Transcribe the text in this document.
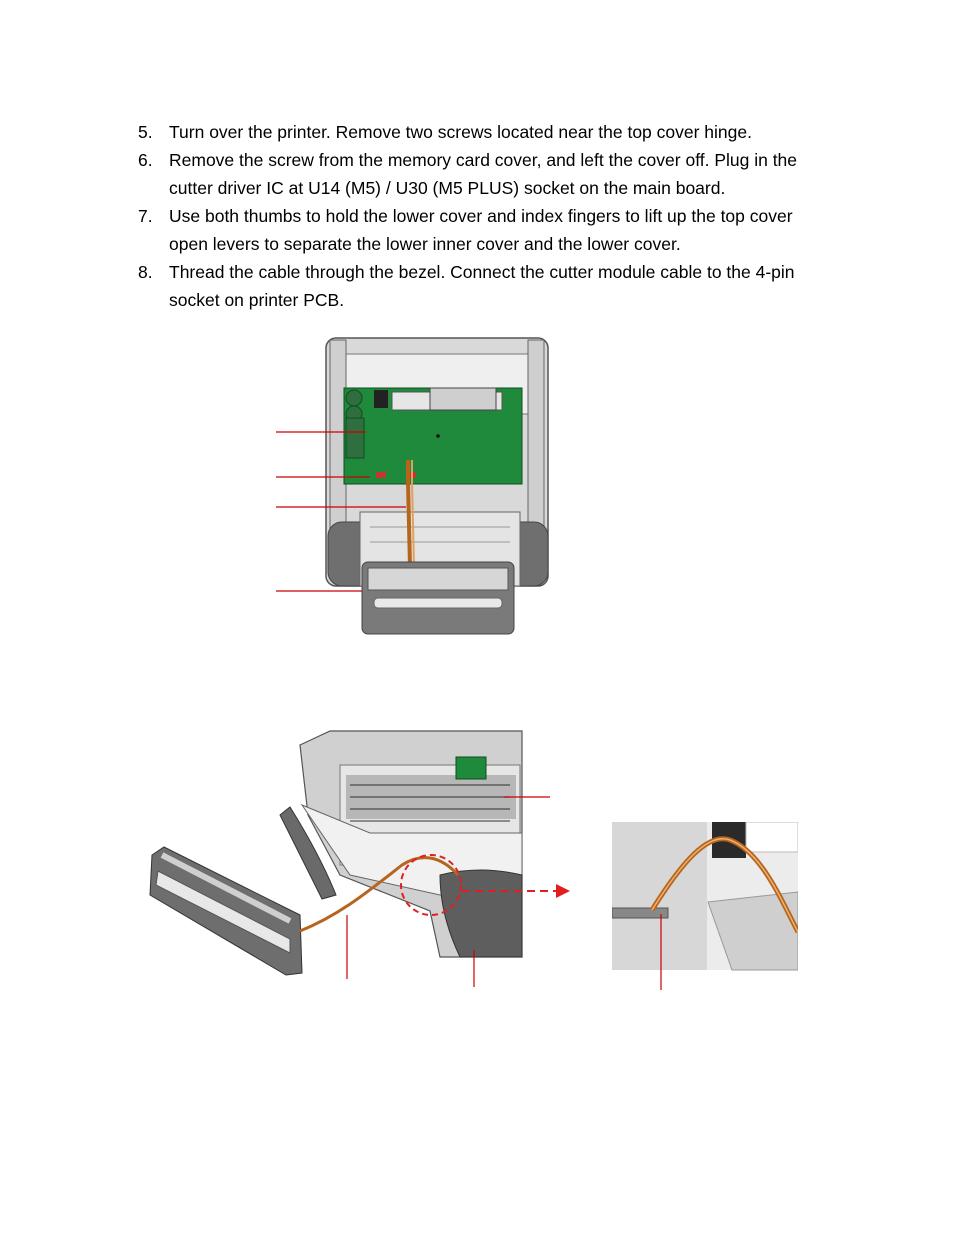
5. Turn over the printer. Remove two screws located near the top cover hinge.
6. Remove the screw from the memory card cover, and left the cover off. Plug in the cutter driver IC at U14 (M5) / U30 (M5 PLUS) socket on the main board.
7. Use both thumbs to hold the lower cover and index fingers to lift up the top cover open levers to separate the lower inner cover and the lower cover.
8. Thread the cable through the bezel. Connect the cutter module cable to the 4-pin socket on printer PCB.
